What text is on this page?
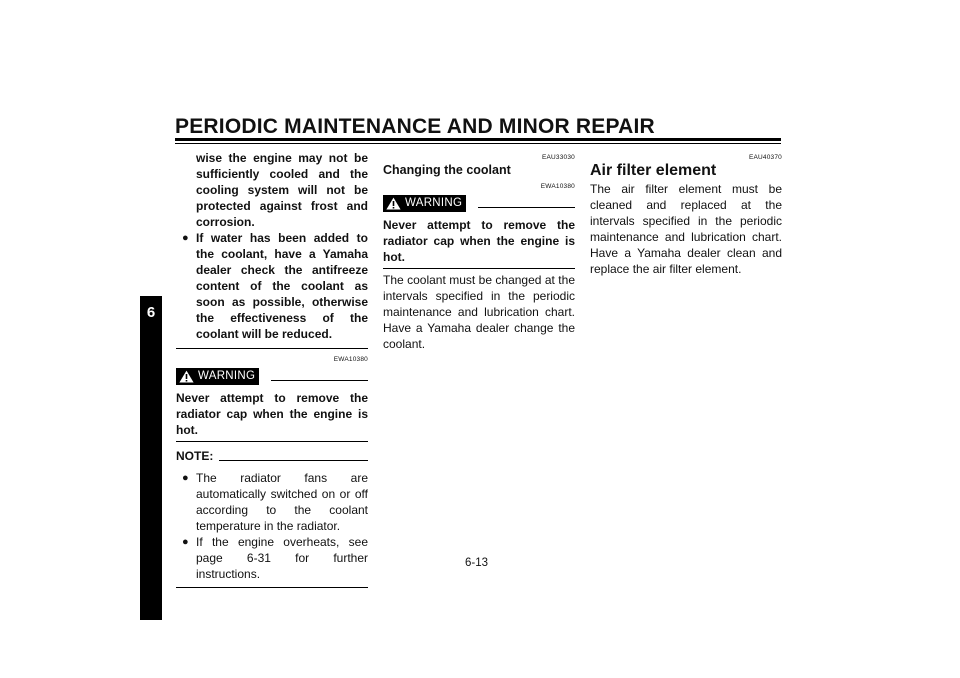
PERIODIC MAINTENANCE AND MINOR REPAIR
6
wise the engine may not be sufficiently cooled and the cooling system will not be protected against frost and corrosion.
● If water has been added to the coolant, have a Yamaha dealer check the antifreeze content of the coolant as soon as possible, otherwise the effectiveness of the coolant will be reduced.
EWA10380
WARNING
Never attempt to remove the radiator cap when the engine is hot.
NOTE:
● The radiator fans are automatically switched on or off according to the coolant temperature in the radiator.
● If the engine overheats, see page 6-31 for further instructions.
EAU33030
Changing the coolant
EWA10380
WARNING
Never attempt to remove the radiator cap when the engine is hot.
The coolant must be changed at the intervals specified in the periodic maintenance and lubrication chart. Have a Yamaha dealer change the coolant.
EAU40370
Air filter element
The air filter element must be cleaned and replaced at the intervals specified in the periodic maintenance and lubrication chart. Have a Yamaha dealer clean and replace the air filter element.
6-13
